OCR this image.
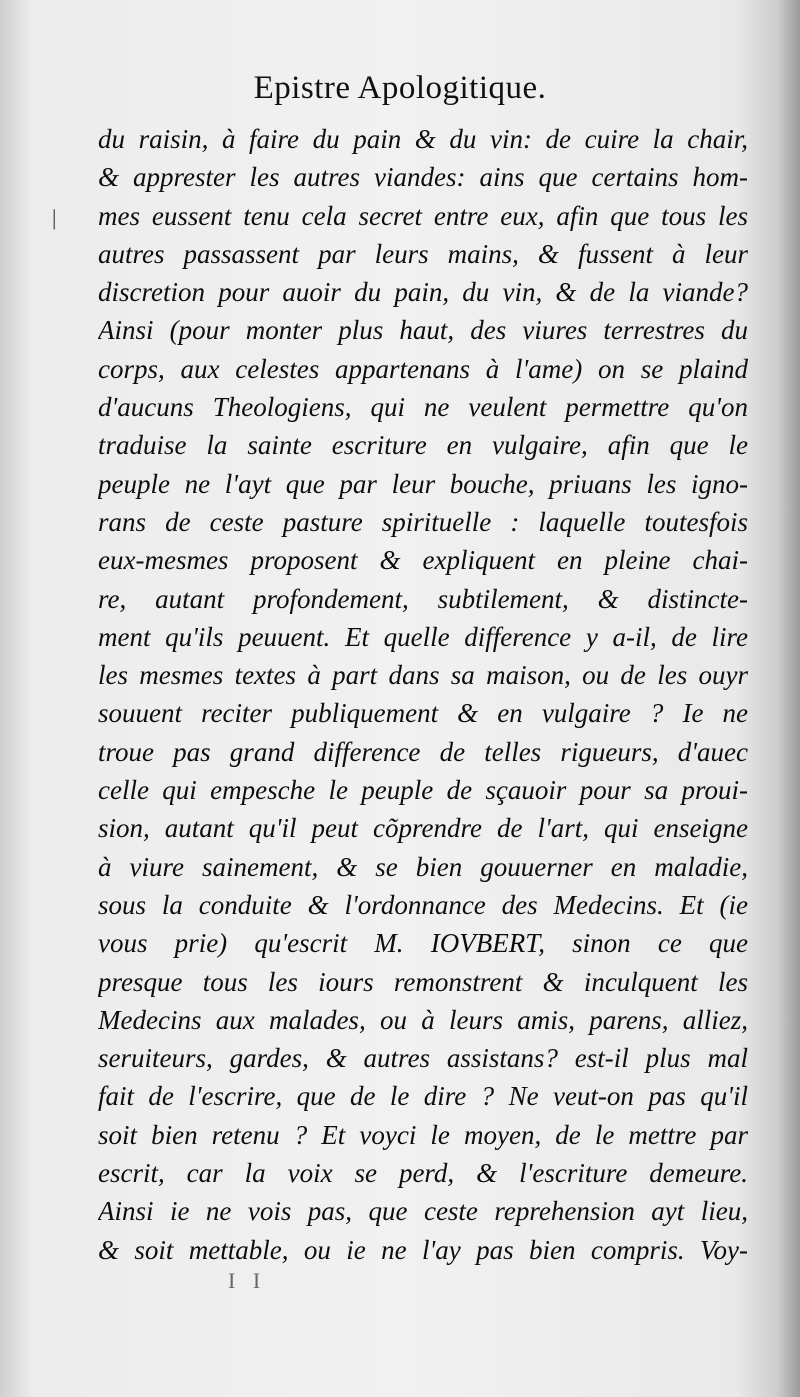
Epistre Apologitique.
|
du raisin, à faire du pain & du vin: de cuire la chair,
& apprester les autres viandes: ains que certains hom-
mes eussent tenu cela secret entre eux, afin que tous les
autres passassent par leurs mains, & fussent à leur
discretion pour auoir du pain, du vin, & de la viande?
Ainsi (pour monter plus haut, des viures terrestres du
corps, aux celestes appartenans à l'ame) on se plaind
d'aucuns Theologiens, qui ne veulent permettre qu'on
traduise la sainte escriture en vulgaire, afin que le
peuple ne l'ayt que par leur bouche, priuans les igno-
rans de ceste pasture spirituelle : laquelle toutesfois
eux-mesmes proposent & expliquent en pleine chai-
re, autant profondement, subtilement, & distincte-
ment qu'ils peuuent. Et quelle difference y a-il, de lire
les mesmes textes à part dans sa maison, ou de les ouyr
souuent reciter publiquement & en vulgaire ? Ie ne
troue pas grand difference de telles rigueurs, d'auec
celle qui empesche le peuple de sçauoir pour sa proui-
sion, autant qu'il peut cõprendre de l'art, qui enseigne
à viure sainement, & se bien gouuerner en maladie,
sous la conduite & l'ordonnance des Medecins. Et (ie
vous prie) qu'escrit M. IOVBERT, sinon ce que
presque tous les iours remonstrent & inculquent les
Medecins aux malades, ou à leurs amis, parens, alliez,
seruiteurs, gardes, & autres assistans? est-il plus mal
fait de l'escrire, que de le dire ? Ne veut-on pas qu'il
soit bien retenu ? Et voyci le moyen, de le mettre par
escrit, car la voix se perd, & l'escriture demeure.
Ainsi ie ne vois pas, que ceste reprehension ayt lieu,
& soit mettable, ou ie ne l'ay pas bien compris. Voy-
I I
